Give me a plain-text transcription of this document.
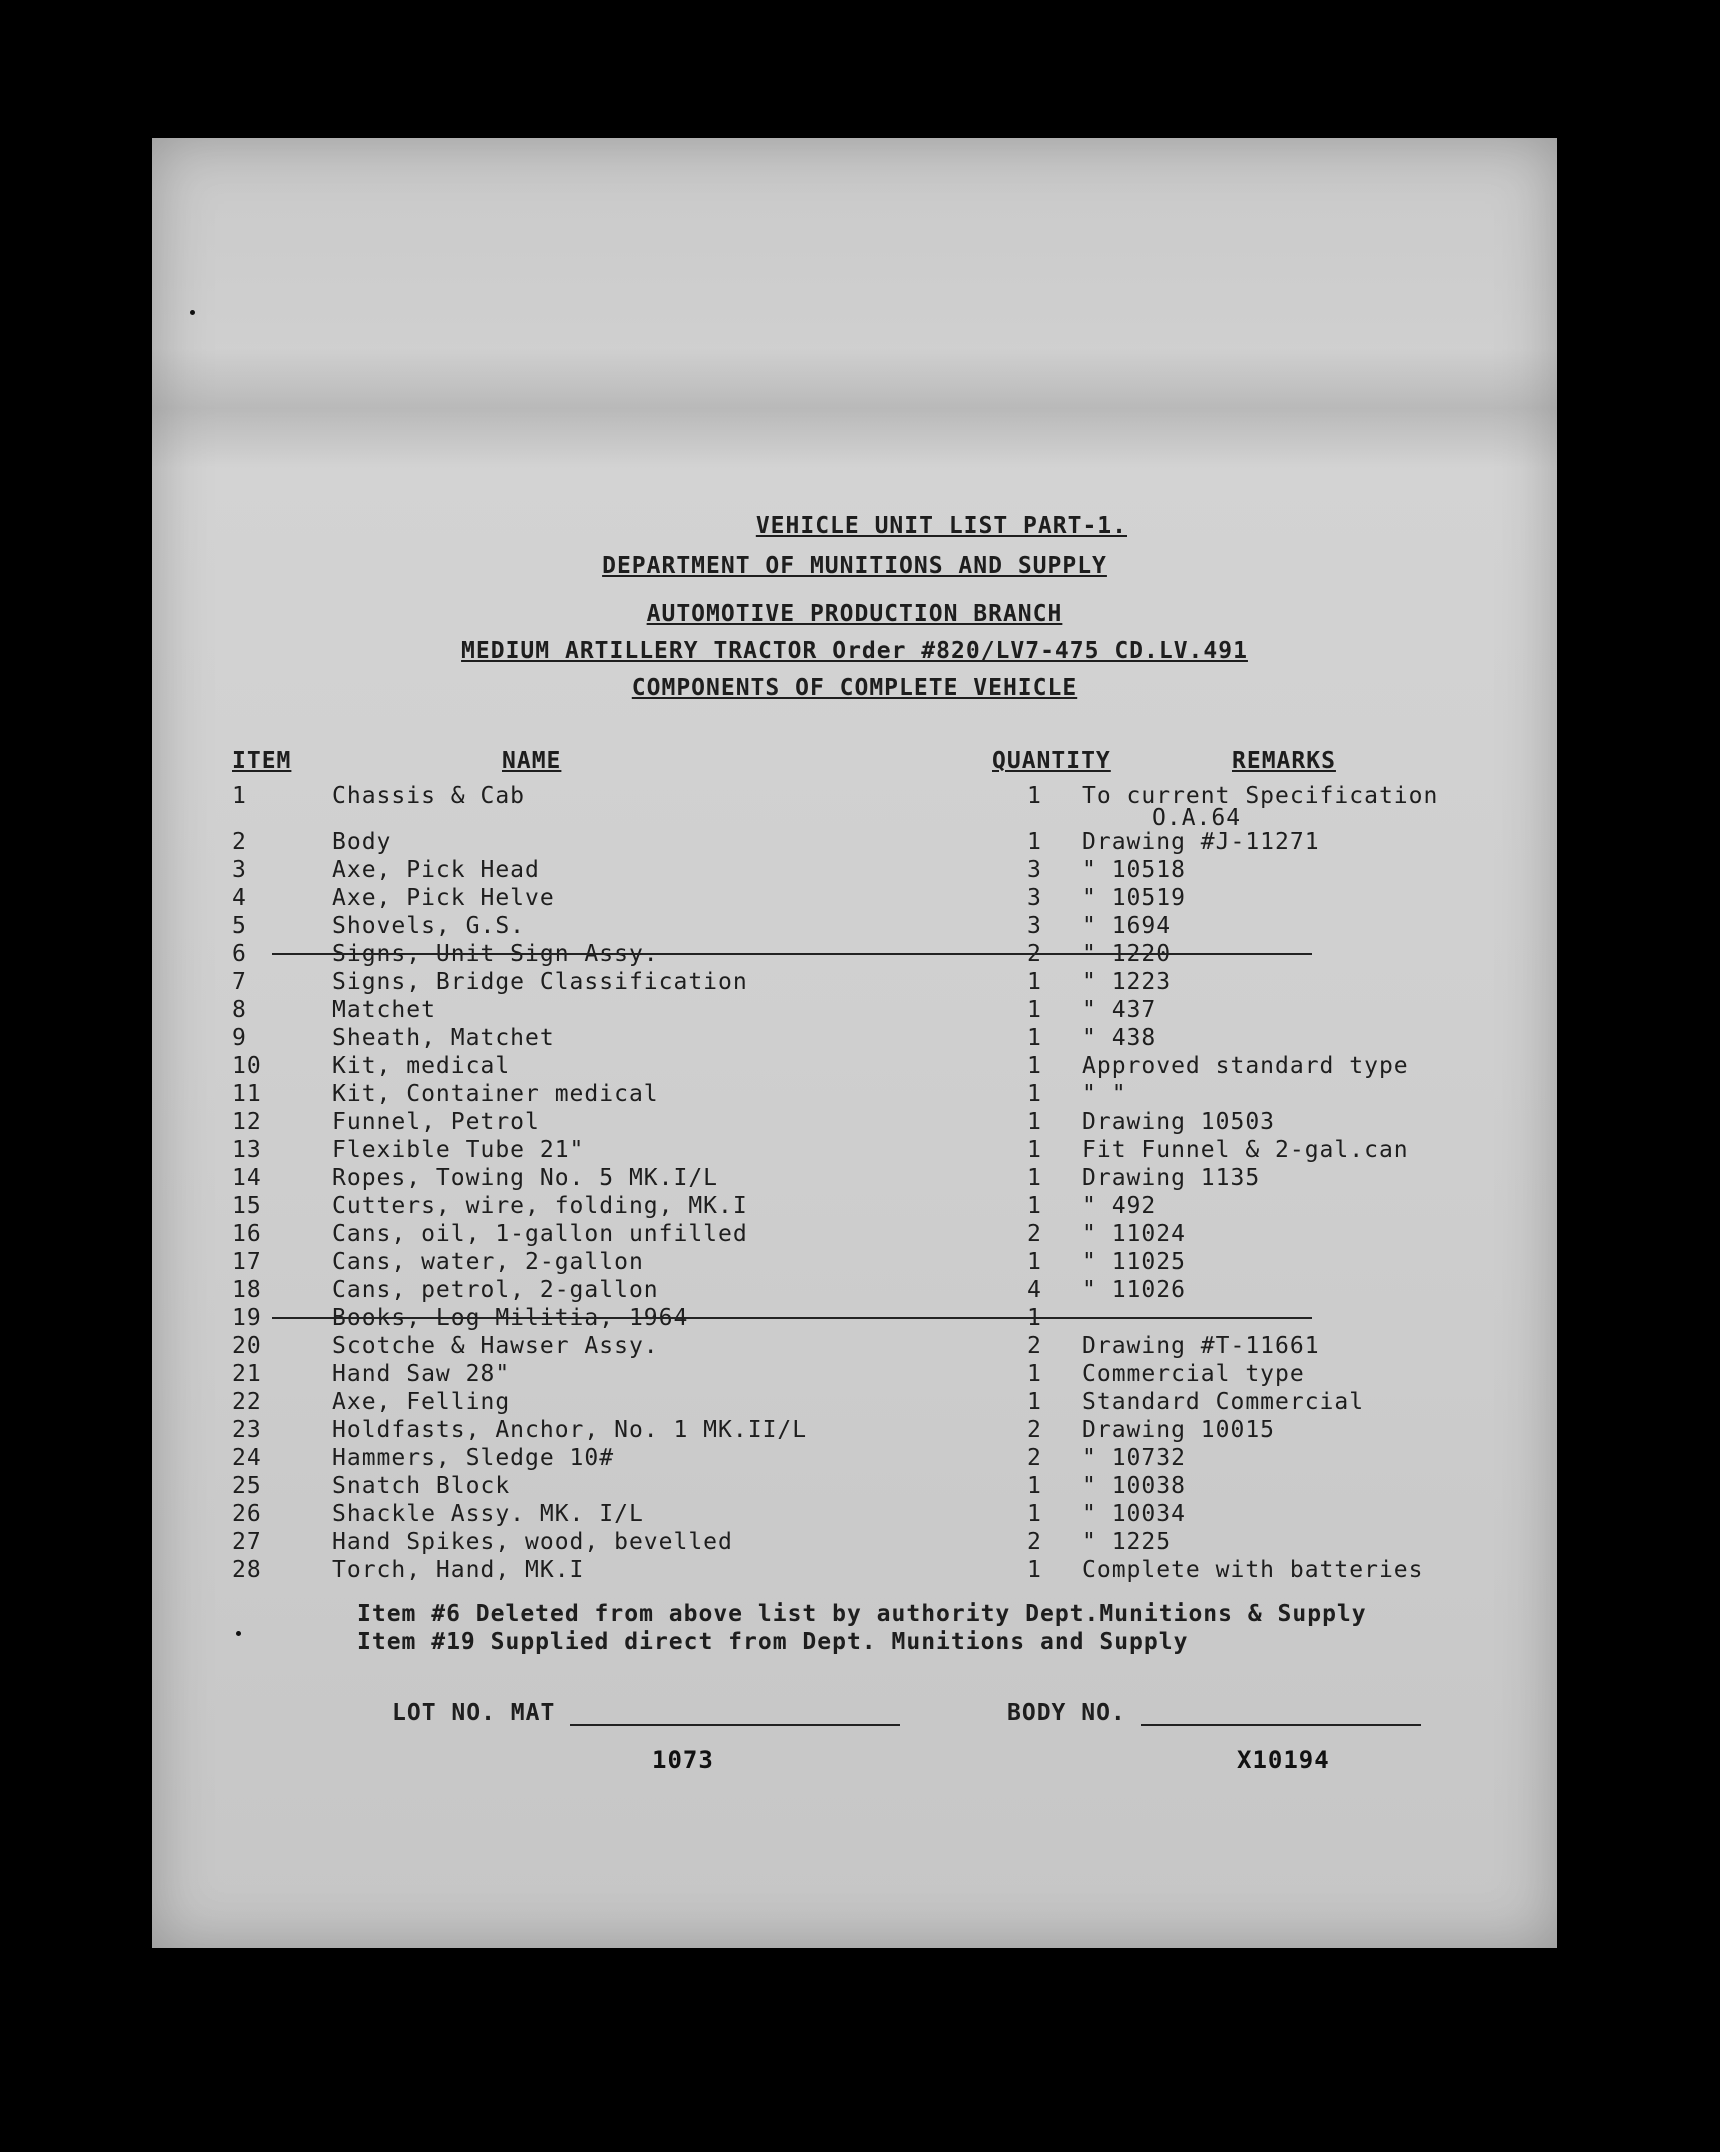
VEHICLE UNIT LIST PART-1.
DEPARTMENT OF MUNITIONS AND SUPPLY
AUTOMOTIVE PRODUCTION BRANCH
MEDIUM ARTILLERY TRACTOR Order #820/LV7-475 CD.LV.491
COMPONENTS OF COMPLETE VEHICLE
ITEM	NAME	QUANTITY	REMARKS
1	Chassis & Cab	1	To current Specification
O.A.64
2	Body	1	Drawing #J-11271
3	Axe, Pick Head	3	" 10518
4	Axe, Pick Helve	3	" 10519
5	Shovels, G.S.	3	" 1694
6	Signs, Unit Sign Assy.	2	" 1220
7	Signs, Bridge Classification	1	" 1223
8	Matchet	1	" 437
9	Sheath, Matchet	1	" 438
10	Kit, medical	1	Approved standard type
11	Kit, Container medical	1	" "
12	Funnel, Petrol	1	Drawing 10503
13	Flexible Tube 21"	1	Fit Funnel & 2-gal.can
14	Ropes, Towing No. 5 MK.I/L	1	Drawing 1135
15	Cutters, wire, folding, MK.I	1	" 492
16	Cans, oil, 1-gallon unfilled	2	" 11024
17	Cans, water, 2-gallon	1	" 11025
18	Cans, petrol, 2-gallon	4	" 11026
19	Books, Log Militia, 1964	1
20	Scotche & Hawser Assy.	2	Drawing #T-11661
21	Hand Saw 28"	1	Commercial type
22	Axe, Felling	1	Standard Commercial
23	Holdfasts, Anchor, No. 1 MK.II/L	2	Drawing 10015
24	Hammers, Sledge 10#	2	" 10732
25	Snatch Block	1	" 10038
26	Shackle Assy. MK. I/L	1	" 10034
27	Hand Spikes, wood, bevelled	2	" 1225
28	Torch, Hand, MK.I	1	Complete with batteries
Item #6 Deleted from above list by authority Dept.Munitions & Supply
Item #19 Supplied direct from Dept. Munitions and Supply
LOT NO. MAT	BODY NO.
1073	X10194
